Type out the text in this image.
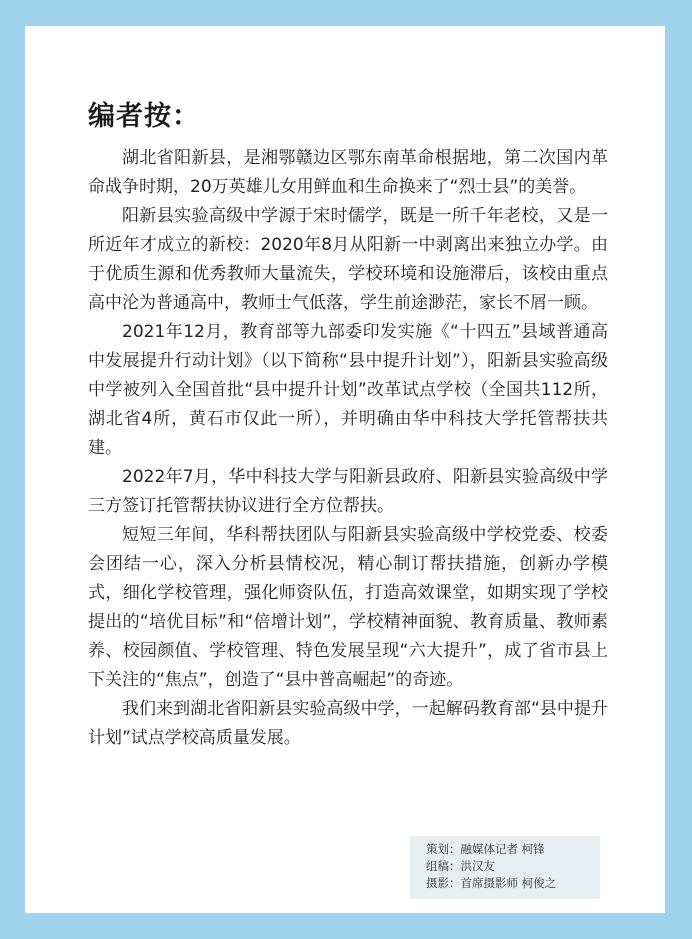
编者按：

湖北省阳新县，是湘鄂赣边区鄂东南革命根据地，第二次国内革命战争时期，20万英雄儿女用鲜血和生命换来了“烈士县”的美誉。

阳新县实验高级中学源于宋时儒学，既是一所千年老校，又是一所近年才成立的新校：2020年8月从阳新一中剥离出来独立办学。由于优质生源和优秀教师大量流失，学校环境和设施滞后，该校由重点高中沦为普通高中，教师士气低落，学生前途渺茫，家长不屑一顾。

2021年12月，教育部等九部委印发实施《“十四五”县域普通高中发展提升行动计划》（以下简称“县中提升计划”），阳新县实验高级中学被列入全国首批“县中提升计划”改革试点学校（全国共112所，湖北省4所，黄石市仅此一所），并明确由华中科技大学托管帮扶共建。

2022年7月，华中科技大学与阳新县政府、阳新县实验高级中学三方签订托管帮扶协议进行全方位帮扶。

短短三年间，华科帮扶团队与阳新县实验高级中学校党委、校委会团结一心，深入分析县情校况，精心制订帮扶措施，创新办学模式，细化学校管理，强化师资队伍，打造高效课堂，如期实现了学校提出的“培优目标”和“倍增计划”，学校精神面貌、教育质量、教师素养、校园颜值、学校管理、特色发展呈现“六大提升”，成了省市县上下关注的“焦点”，创造了“县中普高崛起”的奇迹。

我们来到湖北省阳新县实验高级中学，一起解码教育部“县中提升计划”试点学校高质量发展。

策划：融媒体记者 柯锋
组稿：洪汉友
摄影：首席摄影师 柯俊之
